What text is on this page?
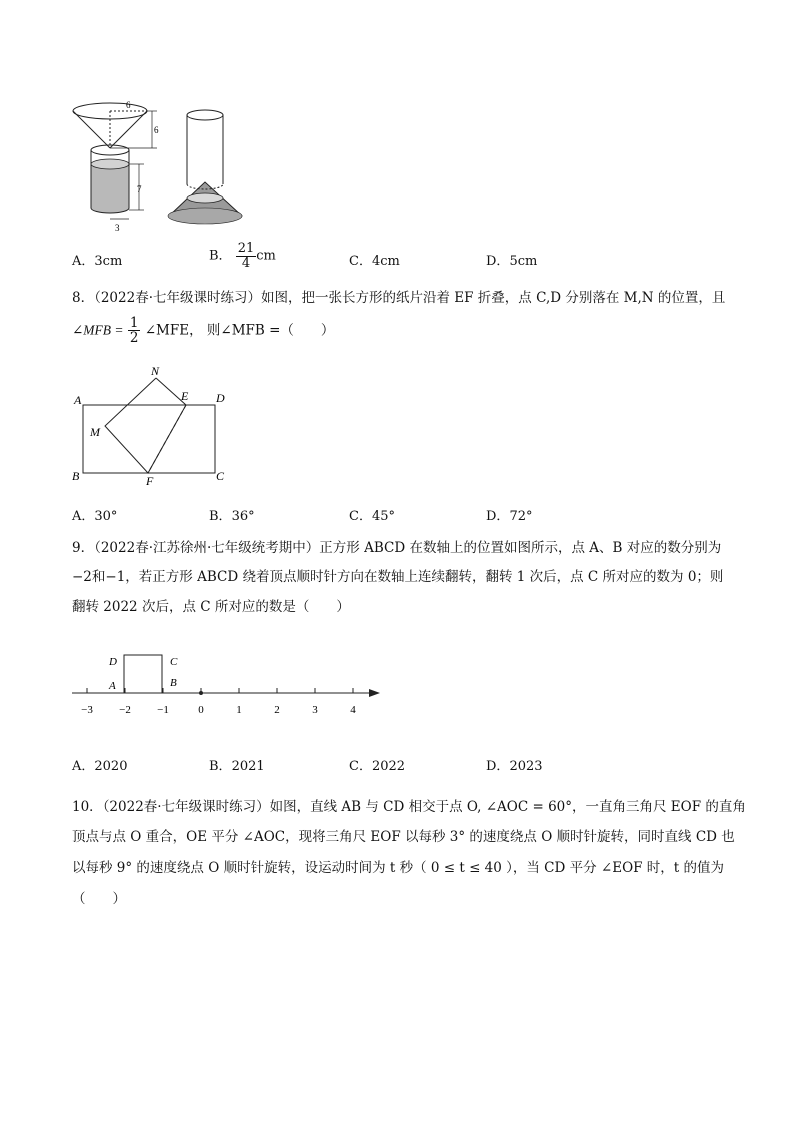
6
6
7
3
A．3cm	B． $\frac{21}{4}$ cm	C．4cm	D．5cm
8．（2022春·七年级课时练习）如图，把一张长方形的纸片沿着 EF 折叠，点 C,D 分别落在 M,N 的位置，且
∠MFB = $\frac{1}{2}$ ∠MFE， 则∠MFB =（　　）
A
B	C
D
E
F
M
N
A．30°	B．36°	C．45°	D．72°
9．（2022春·江苏徐州·七年级统考期中）正方形 ABCD 在数轴上的位置如图所示，点 A、B 对应的数分别为
−2和−1，若正方形 ABCD 绕着顶点顺时针方向在数轴上连续翻转，翻转 1 次后，点 C 所对应的数为 0；则
翻转 2022 次后，点 C 所对应的数是（　　）
−3 −2 −1	0	1	2	3	4
D
A
C
B
A．2020	B．2021	C．2022	D．2023
10．（2022春·七年级课时练习）如图，直线 AB 与 CD 相交于点 O, ∠AOC = 60°，一直角三角尺 EOF 的直角
顶点与点 O 重合，OE 平分 ∠AOC，现将三角尺 EOF 以每秒 3° 的速度绕点 O 顺时针旋转，同时直线 CD 也
以每秒 9° 的速度绕点 O 顺时针旋转，设运动时间为 t 秒（ 0 ≤ t ≤ 40 ），当 CD 平分 ∠EOF 时，t 的值为
（　　）
